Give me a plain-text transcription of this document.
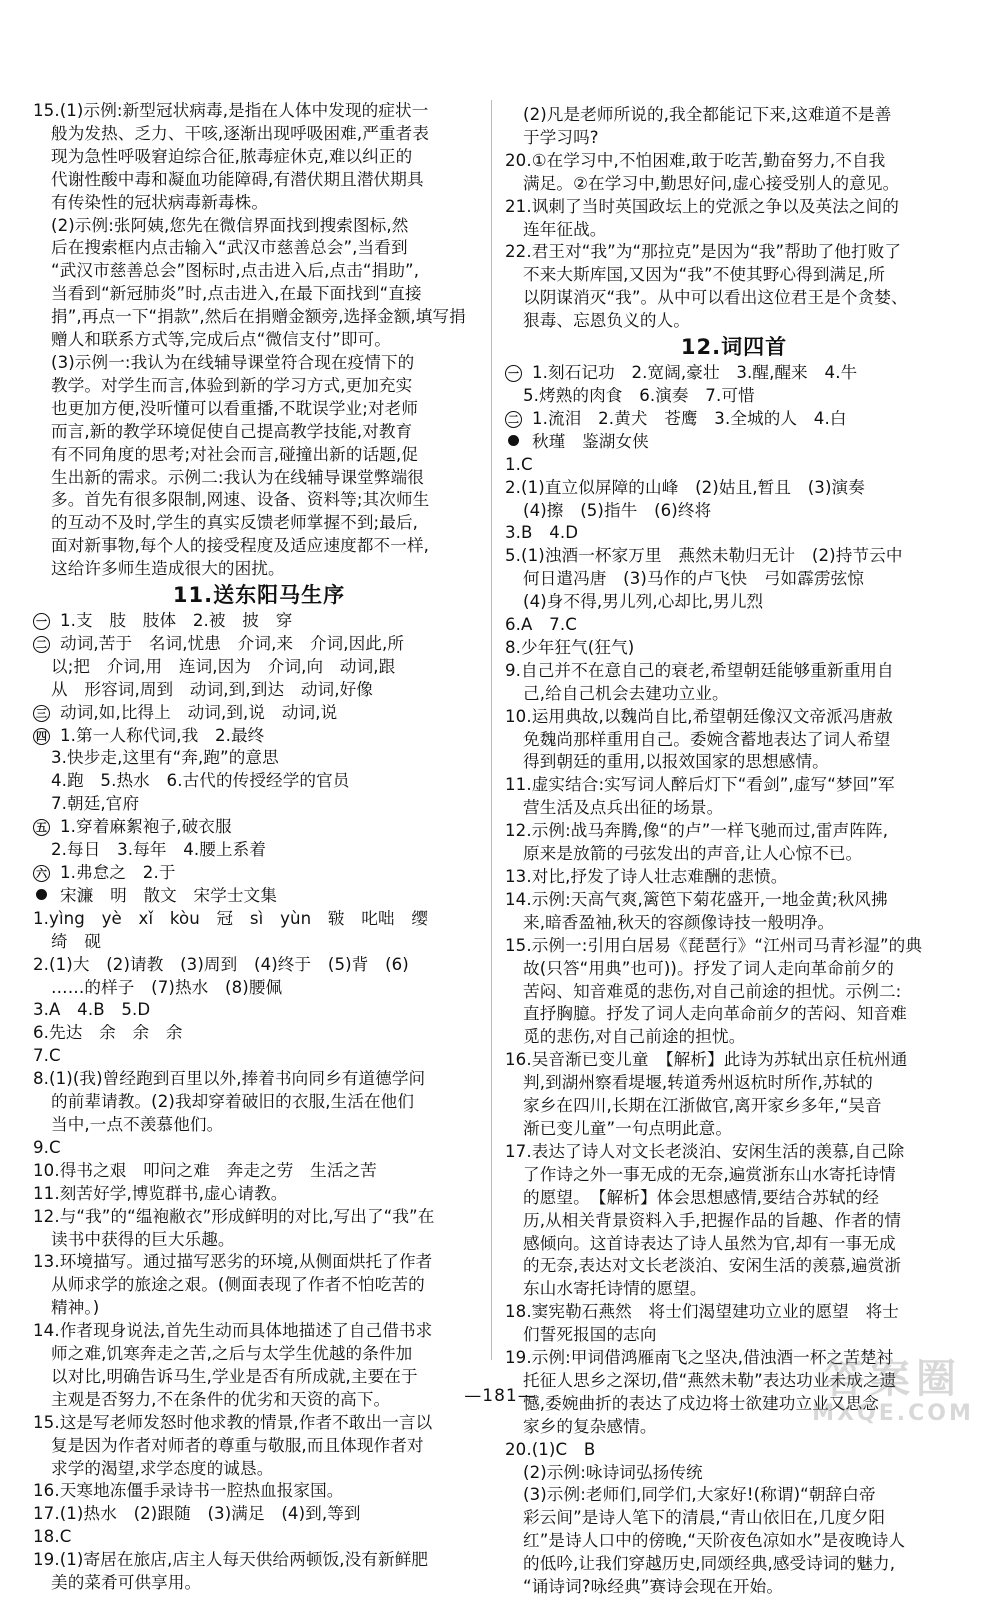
15.(1)示例:新型冠状病毒,是指在人体中发现的症状一
般为发热、乏力、干咳,逐渐出现呼吸困难,严重者表
现为急性呼吸窘迫综合征,脓毒症休克,难以纠正的
代谢性酸中毒和凝血功能障碍,有潜伏期且潜伏期具
有传染性的冠状病毒新毒株。
(2)示例:张阿姨,您先在微信界面找到搜索图标,然
后在搜索框内点击输入“武汉市慈善总会”,当看到
“武汉市慈善总会”图标时,点击进入后,点击“捐助”,
当看到“新冠肺炎”时,点击进入,在最下面找到“直接
捐”,再点一下“捐款”,然后在捐赠金额旁,选择金额,填写捐
赠人和联系方式等,完成后点“微信支付”即可。
(3)示例一:我认为在线辅导课堂符合现在疫情下的
教学。对学生而言,体验到新的学习方式,更加充实
也更加方便,没听懂可以看重播,不耽误学业;对老师
而言,新的教学环境促使自己提高教学技能,对教育
有不同角度的思考;对社会而言,碰撞出新的话题,促
生出新的需求。示例二:我认为在线辅导课堂弊端很
多。首先有很多限制,网速、设备、资料等;其次师生
的互动不及时,学生的真实反馈老师掌握不到;最后,
面对新事物,每个人的接受程度及适应速度都不一样,
这给许多师生造成很大的困扰。
11.送东阳马生序
一 1.支　肢　肢体　2.被　披　穿
二 动词,苦于　名词,忧患　介词,来　介词,因此,所
以;把　介词,用　连词,因为　介词,向　动词,跟
从　形容词,周到　动词,到,到达　动词,好像
三 动词,如,比得上　动词,到,说　动词,说
四 1.第一人称代词,我　2.最终
3.快步走,这里有“奔,跑”的意思
4.跑　5.热水　6.古代的传授经学的官员
7.朝廷,官府
五 1.穿着麻絮袍子,破衣服
2.每日　3.每年　4.腰上系着
六 1.弗怠之　2.于
宋濂　明　散文　宋学士文集
1.yìng　yè　xǐ　kòu　冠　sì　yùn　皲　叱咄　缨
绮　砚
2.(1)大　(2)请教　(3)周到　(4)终于　(5)背　(6)
……的样子　(7)热水　(8)腰佩
3.A　4.B　5.D
6.先达　余　余　余
7.C
8.(1)(我)曾经跑到百里以外,捧着书向同乡有道德学问
的前辈请教。(2)我却穿着破旧的衣服,生活在他们
当中,一点不羡慕他们。
9.C
10.得书之艰　叩问之难　奔走之劳　生活之苦
11.刻苦好学,博览群书,虚心请教。
12.与“我”的“缊袍敝衣”形成鲜明的对比,写出了“我”在
读书中获得的巨大乐趣。
13.环境描写。通过描写恶劣的环境,从侧面烘托了作者
从师求学的旅途之艰。(侧面表现了作者不怕吃苦的
精神。)
14.作者现身说法,首先生动而具体地描述了自己借书求
师之难,饥寒奔走之苦,之后与太学生优越的条件加
以对比,明确告诉马生,学业是否有所成就,主要在于
主观是否努力,不在条件的优劣和天资的高下。
15.这是写老师发怒时他求教的情景,作者不敢出一言以
复是因为作者对师者的尊重与敬服,而且体现作者对
求学的渴望,求学态度的诚恳。
16.天寒地冻僵手录诗书一腔热血报家国。
17.(1)热水　(2)跟随　(3)满足　(4)到,等到
18.C
19.(1)寄居在旅店,店主人每天供给两顿饭,没有新鲜肥
美的菜肴可供享用。
(2)凡是老师所说的,我全都能记下来,这难道不是善
于学习吗?
20.①在学习中,不怕困难,敢于吃苦,勤奋努力,不自我
满足。②在学习中,勤思好问,虚心接受别人的意见。
21.讽刺了当时英国政坛上的党派之争以及英法之间的
连年征战。
22.君王对“我”为“那拉克”是因为“我”帮助了他打败了
不来大斯库国,又因为“我”不使其野心得到满足,所
以阴谋消灭“我”。从中可以看出这位君王是个贪婪、
狠毒、忘恩负义的人。
12.词四首
一 1.刻石记功　2.宽阔,豪壮　3.醒,醒来　4.牛
5.烤熟的肉食　6.演奏　7.可惜
二 1.流泪　2.黄犬　苍鹰　3.全城的人　4.白
秋瑾　鉴湖女侠
1.C
2.(1)直立似屏障的山峰　(2)姑且,暂且　(3)演奏
(4)擦　(5)指牛　(6)终将
3.B　4.D
5.(1)浊酒一杯家万里　燕然未勒归无计　(2)持节云中
何日遣冯唐　(3)马作的卢飞快　弓如霹雳弦惊
(4)身不得,男儿列,心却比,男儿烈
6.A　7.C
8.少年狂气(狂气)
9.自己并不在意自己的衰老,希望朝廷能够重新重用自
己,给自己机会去建功立业。
10.运用典故,以魏尚自比,希望朝廷像汉文帝派冯唐赦
免魏尚那样重用自己。委婉含蓄地表达了词人希望
得到朝廷的重用,以报效国家的思想感情。
11.虚实结合:实写词人醉后灯下“看剑”,虚写“梦回”军
营生活及点兵出征的场景。
12.示例:战马奔腾,像“的卢”一样飞驰而过,雷声阵阵,
原来是放箭的弓弦发出的声音,让人心惊不已。
13.对比,抒发了诗人壮志难酬的悲愤。
14.示例:天高气爽,篱笆下菊花盛开,一地金黄;秋风拂
来,暗香盈袖,秋天的容颜像诗技一般明净。
15.示例一:引用白居易《琵琶行》“江州司马青衫湿”的典
故(只答“用典”也可))。抒发了词人走向革命前夕的
苦闷、知音难觅的悲伤,对自己前途的担忧。示例二:
直抒胸臆。抒发了词人走向革命前夕的苦闷、知音难
觅的悲伤,对自己前途的担忧。
16.吴音渐已变儿童　【解析】此诗为苏轼出京任杭州通
判,到湖州察看堤堰,转道秀州返杭时所作,苏轼的
家乡在四川,长期在江浙做官,离开家乡多年,“吴音
渐已变儿童”一句点明此意。
17.表达了诗人对文长老淡泊、安闲生活的羡慕,自己除
了作诗之外一事无成的无奈,遍赏浙东山水寄托诗情
的愿望。　【解析】体会思想感情,要结合苏轼的经
历,从相关背景资料入手,把握作品的旨趣、作者的情
感倾向。这首诗表达了诗人虽然为官,却有一事无成
的无奈,表达对文长老淡泊、安闲生活的羡慕,遍赏浙
东山水寄托诗情的愿望。
18.窦宪勒石燕然　将士们渴望建功立业的愿望　将士
们誓死报国的志向
19.示例:甲词借鸿雁南飞之坚决,借浊酒一杯之苦楚衬
托征人思乡之深切,借“燕然未勒”表达功业未成之遗
憾,委婉曲折的表达了戍边将士欲建功立业又思念
家乡的复杂感情。
20.(1)C　B
(2)示例:咏诗词弘扬传统
(3)示例:老师们,同学们,大家好!(称谓)“朝辞白帝
彩云间”是诗人笔下的清晨,“青山依旧在,几度夕阳
红”是诗人口中的傍晚,“天阶夜色凉如水”是夜晚诗人
的低吟,让我们穿越历史,同颂经典,感受诗词的魅力,
“诵诗词?咏经典”赛诗会现在开始。
—181—	答案圈
MXQE.COM
